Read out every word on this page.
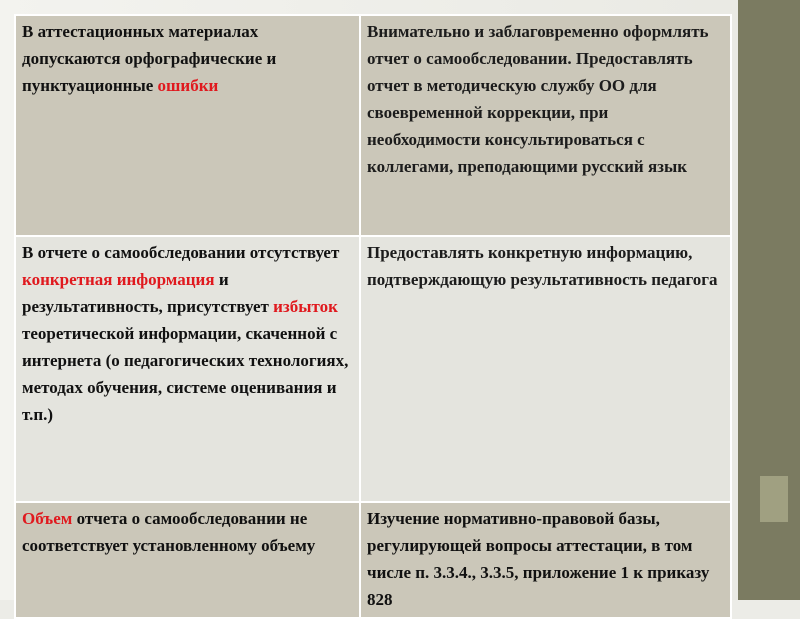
В аттестационных материалах допускаются орфографические и пунктуационные ошибки	Внимательно и заблаговременно оформлять отчет о самообследовании. Предоставлять отчет в методическую службу ОО для своевременной коррекции, при необходимости консультироваться с коллегами, преподающими русский язык
В отчете о самообследовании отсутствует конкретная информация и результативность, присутствует избыток теоретической информации, скаченной с интернета (о педагогических технологиях, методах обучения, системе оценивания и т.п.)	Предоставлять конкретную информацию, подтверждающую результативность педагога
Объем отчета о самообследовании не соответствует установленному объему	Изучение нормативно-правовой базы, регулирующей вопросы аттестации, в том числе п. 3.3.4., 3.3.5, приложение 1 к приказу 828
